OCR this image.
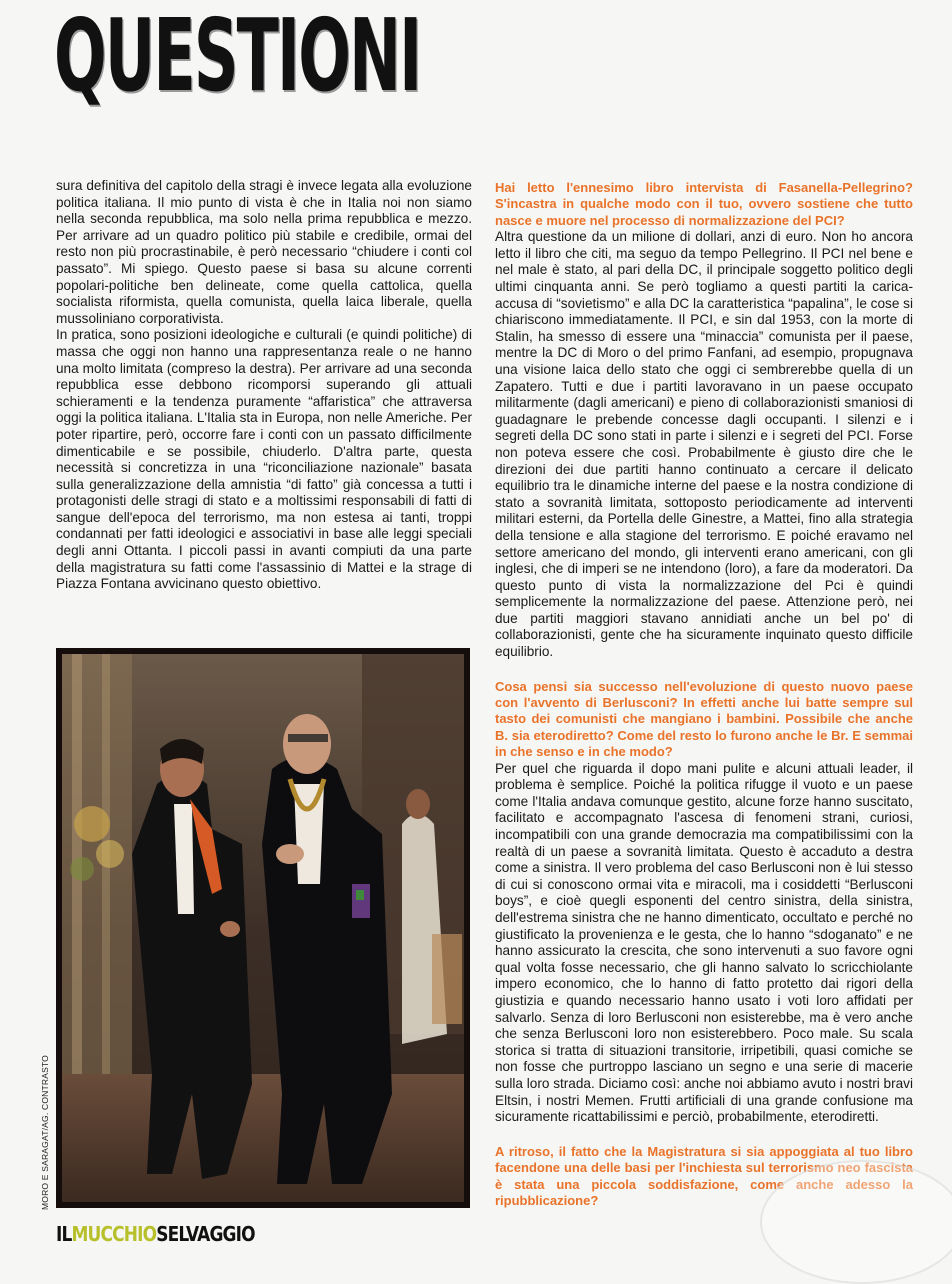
QUESTIONI

sura definitiva del capitolo della stragi è invece legata alla evoluzione politica italiana. Il mio punto di vista è che in Italia noi non siamo nella seconda repubblica, ma solo nella prima repubblica e mezzo. Per arrivare ad un quadro politico più stabile e credibile, ormai del resto non più procrastinabile, è però necessario “chiudere i conti col passato”. Mi spiego. Questo paese si basa su alcune correnti popolari-politiche ben delineate, come quella cattolica, quella socialista riformista, quella comunista, quella laica liberale, quella mussoliniano corporativista.

In pratica, sono posizioni ideologiche e culturali (e quindi politiche) di massa che oggi non hanno una rappresentanza reale o ne hanno una molto limitata (compreso la destra). Per arrivare ad una seconda repubblica esse debbono ricomporsi superando gli attuali schieramenti e la tendenza puramente “affaristica” che attraversa oggi la politica italiana. L'Italia sta in Europa, non nelle Americhe. Per poter ripartire, però, occorre fare i conti con un passato difficilmente dimenticabile e se possibile, chiuderlo. D'altra parte, questa necessità si concretizza in una “riconciliazione nazionale” basata sulla generalizzazione della amnistia “di fatto” già concessa a tutti i protagonisti delle stragi di stato e a moltissimi responsabili di fatti di sangue dell'epoca del terrorismo, ma non estesa ai tanti, troppi condannati per fatti ideologici e associativi in base alle leggi speciali degli anni Ottanta. I piccoli passi in avanti compiuti da una parte della magistratura su fatti come l'assassinio di Mattei e la strage di Piazza Fontana avvicinano questo obiettivo.

MORO E SARAGAT/AG. CONTRASTO
ILMUCCHIOSELVAGGIO

Hai letto l'ennesimo libro intervista di Fasanella-Pellegrino? S'incastra in qualche modo con il tuo, ovvero sostiene che tutto nasce e muore nel processo di normalizzazione del PCI?

Altra questione da un milione di dollari, anzi di euro. Non ho ancora letto il libro che citi, ma seguo da tempo Pellegrino. Il PCI nel bene e nel male è stato, al pari della DC, il principale soggetto politico degli ultimi cinquanta anni. Se però togliamo a questi partiti la carica-accusa di “sovietismo” e alla DC la caratteristica “papalina”, le cose si chiariscono immediatamente. Il PCI, e sin dal 1953, con la morte di Stalin, ha smesso di essere una “minaccia” comunista per il paese, mentre la DC di Moro o del primo Fanfani, ad esempio, propugnava una visione laica dello stato che oggi ci sembrerebbe quella di un Zapatero. Tutti e due i partiti lavoravano in un paese occupato militarmente (dagli americani) e pieno di collaborazionisti smaniosi di guadagnare le prebende concesse dagli occupanti. I silenzi e i segreti della DC sono stati in parte i silenzi e i segreti del PCI. Forse non poteva essere che così. Probabilmente è giusto dire che le direzioni dei due partiti hanno continuato a cercare il delicato equilibrio tra le dinamiche interne del paese e la nostra condizione di stato a sovranità limitata, sottoposto periodicamente ad interventi militari esterni, da Portella delle Ginestre, a Mattei, fino alla strategia della tensione e alla stagione del terrorismo. E poiché eravamo nel settore americano del mondo, gli interventi erano americani, con gli inglesi, che di imperi se ne intendono (loro), a fare da moderatori. Da questo punto di vista la normalizzazione del Pci è quindi semplicemente la normalizzazione del paese. Attenzione però, nei due partiti maggiori stavano annidiati anche un bel po' di collaborazionisti, gente che ha sicuramente inquinato questo difficile equilibrio.

Cosa pensi sia successo nell'evoluzione di questo nuovo paese con l'avvento di Berlusconi? In effetti anche lui batte sempre sul tasto dei comunisti che mangiano i bambini. Possibile che anche B. sia eterodiretto? Come del resto lo furono anche le Br. E semmai in che senso e in che modo?

Per quel che riguarda il dopo mani pulite e alcuni attuali leader, il problema è semplice. Poiché la politica rifugge il vuoto e un paese come l'Italia andava comunque gestito, alcune forze hanno suscitato, facilitato e accompagnato l'ascesa di fenomeni strani, curiosi, incompatibili con una grande democrazia ma compatibilissimi con la realtà di un paese a sovranità limitata. Questo è accaduto a destra come a sinistra. Il vero problema del caso Berlusconi non è lui stesso di cui si conoscono ormai vita e miracoli, ma i cosiddetti “Berlusconi boys”, e cioè quegli esponenti del centro sinistra, della sinistra, dell'estrema sinistra che ne hanno dimenticato, occultato e perché no giustificato la provenienza e le gesta, che lo hanno “sdoganato” e ne hanno assicurato la crescita, che sono intervenuti a suo favore ogni qual volta fosse necessario, che gli hanno salvato lo scricchiolante impero economico, che lo hanno di fatto protetto dai rigori della giustizia e quando necessario hanno usato i voti loro affidati per salvarlo. Senza di loro Berlusconi non esisterebbe, ma è vero anche che senza Berlusconi loro non esisterebbero. Poco male. Su scala storica si tratta di situazioni transitorie, irripetibili, quasi comiche se non fosse che purtroppo lasciano un segno e una serie di macerie sulla loro strada. Diciamo così: anche noi abbiamo avuto i nostri bravi Eltsin, i nostri Memen. Frutti artificiali di una grande confusione ma sicuramente ricattabilissimi e perciò, probabilmente, eterodiretti.

A ritroso, il fatto che la Magistratura si sia appoggiata al tuo libro facendone una delle basi per l'inchiesta sul terrorismo neo fascista è stata una piccola soddisfazione, come anche adesso la ripubblicazione?
